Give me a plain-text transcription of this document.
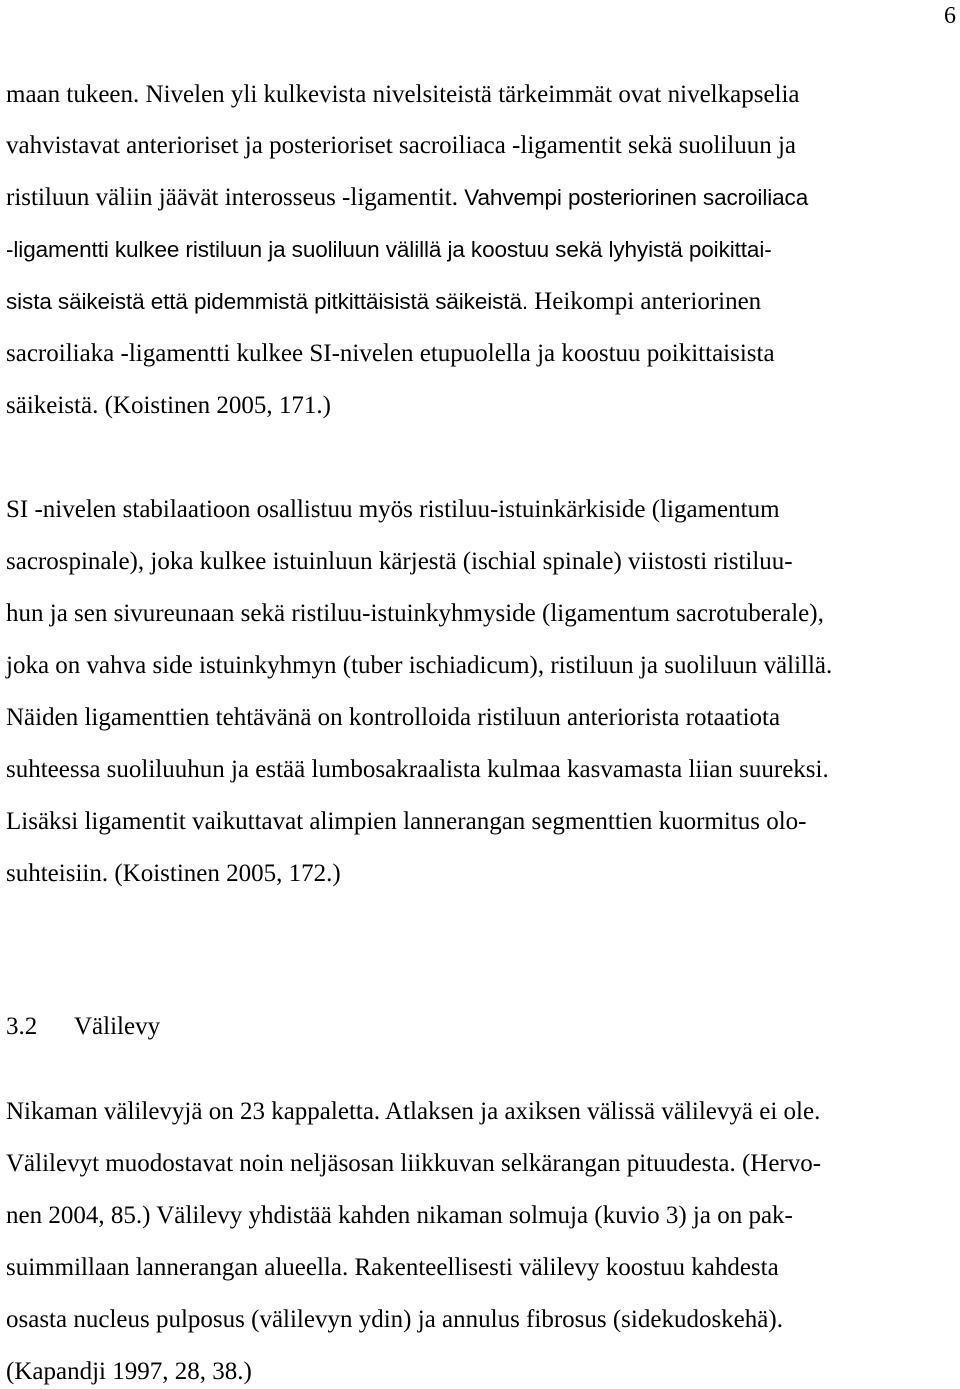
6
maan tukeen. Nivelen yli kulkevista nivelsiteistä tärkeimmät ovat nivelkapselia
vahvistavat anterioriset ja posterioriset sacroiliaca -ligamentit sekä suoliluun ja
ristiluun väliin jäävät interosseus -ligamentit. Vahvempi posteriorinen sacroiliaca
-ligamentti kulkee ristiluun ja suoliluun välillä ja koostuu sekä lyhyistä poikittai-
sista säikeistä että pidemmistä pitkittäisistä säikeistä. Heikompi anteriorinen
sacroiliaka -ligamentti kulkee SI-nivelen etupuolella ja koostuu poikittaisista
säikeistä. (Koistinen 2005, 171.)
SI -nivelen stabilaatioon osallistuu myös ristiluu-istuinkärkiside (ligamentum
sacrospinale), joka kulkee istuinluun kärjestä (ischial spinale) viistosti ristiluu-
hun ja sen sivureunaan sekä ristiluu-istuinkyhmyside (ligamentum sacrotuberale),
joka on vahva side istuinkyhmyn (tuber ischiadicum), ristiluun ja suoliluun välillä.
Näiden ligamenttien tehtävänä on kontrolloida ristiluun anteriorista rotaatiota
suhteessa suoliluuhun ja estää lumbosakraalista kulmaa kasvamasta liian suureksi.
Lisäksi ligamentit vaikuttavat alimpien lannerangan segmenttien kuormitus olo-
suhteisiin. (Koistinen 2005, 172.)
3.2 Välilevy
Nikaman välilevyjä on 23 kappaletta. Atlaksen ja axiksen välissä välilevyä ei ole.
Välilevyt muodostavat noin neljäsosan liikkuvan selkärangan pituudesta. (Hervo-
nen 2004, 85.) Välilevy yhdistää kahden nikaman solmuja (kuvio 3) ja on pak-
suimmillaan lannerangan alueella. Rakenteellisesti välilevy koostuu kahdesta
osasta nucleus pulposus (välilevyn ydin) ja annulus fibrosus (sidekudoskehä).
(Kapandji 1997, 28, 38.)
